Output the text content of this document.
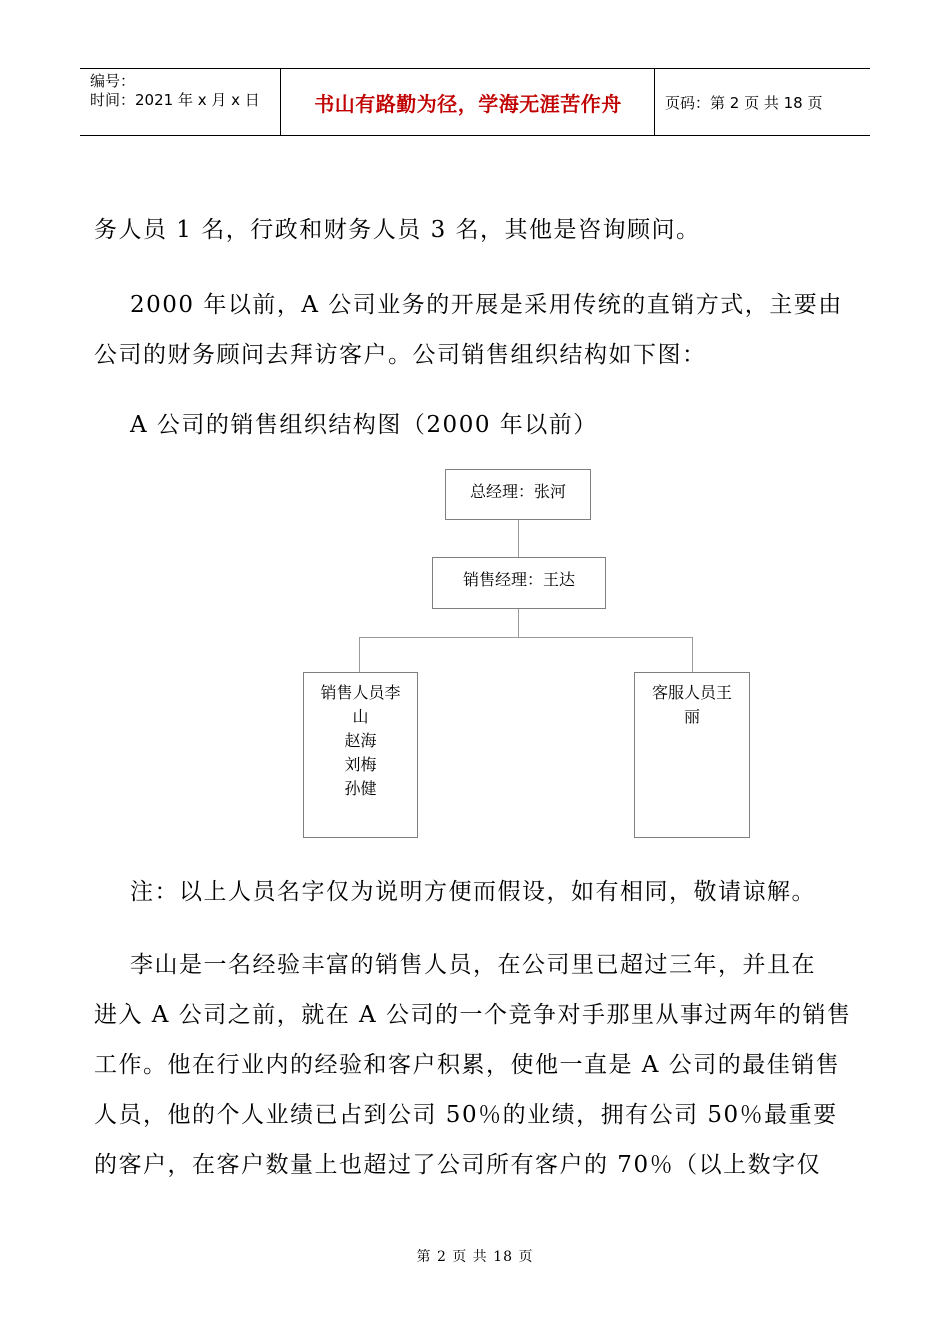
编号：
时间：2021 年 x 月 x 日	书山有路勤为径，学海无涯苦作舟	页码：第 2 页 共 18 页
务人员 1 名，行政和财务人员 3 名，其他是咨询顾问。
2000 年以前，A 公司业务的开展是采用传统的直销方式，主要由
公司的财务顾问去拜访客户。公司销售组织结构如下图：
A 公司的销售组织结构图（2000 年以前）
总经理：张河
销售经理：王达
销售人员李
山
赵海
刘梅
孙健
客服人员王
丽
注：以上人员名字仅为说明方便而假设，如有相同，敬请谅解。
李山是一名经验丰富的销售人员，在公司里已超过三年，并且在
进入 A 公司之前，就在 A 公司的一个竞争对手那里从事过两年的销售
工作。他在行业内的经验和客户积累，使他一直是 A 公司的最佳销售
人员，他的个人业绩已占到公司 50％的业绩，拥有公司 50％最重要
的客户，在客户数量上也超过了公司所有客户的 70％（以上数字仅
第 2 页 共 18 页
